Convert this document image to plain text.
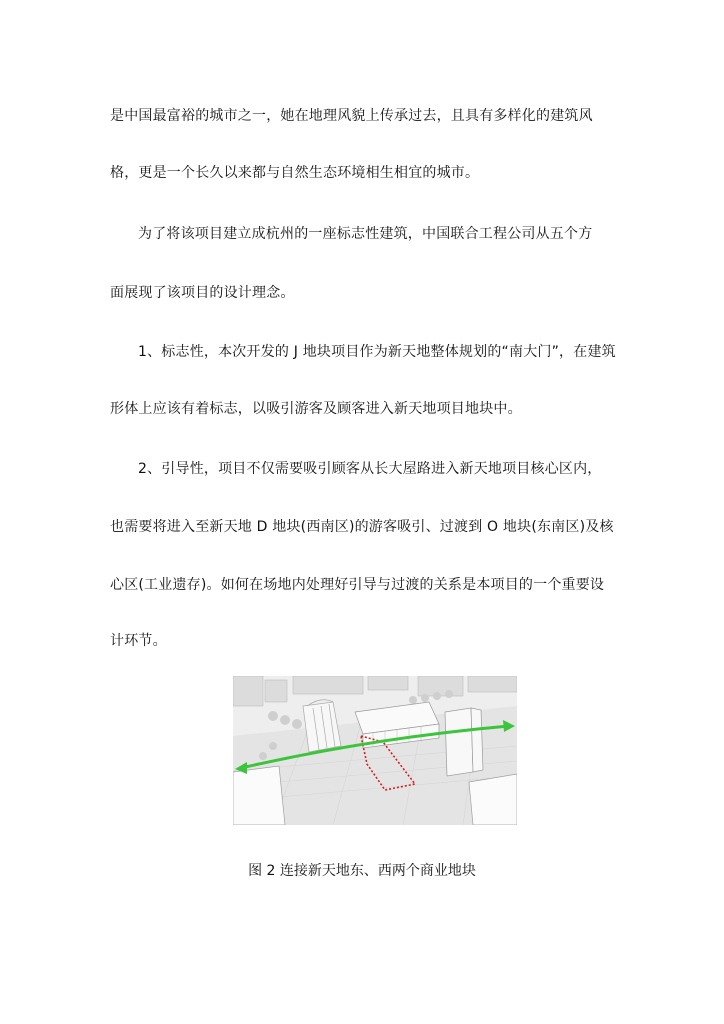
是中国最富裕的城市之一，她在地理风貌上传承过去，且具有多样化的建筑风
格，更是一个长久以来都与自然生态环境相生相宜的城市。
为了将该项目建立成杭州的一座标志性建筑，中国联合工程公司从五个方
面展现了该项目的设计理念。
1、标志性，本次开发的 J 地块项目作为新天地整体规划的“南大门”，在建筑
形体上应该有着标志，以吸引游客及顾客进入新天地项目地块中。
2、引导性，项目不仅需要吸引顾客从长大屋路进入新天地项目核心区内，
也需要将进入至新天地 D 地块(西南区)的游客吸引、过渡到 O 地块(东南区)及核
心区(工业遗存)。如何在场地内处理好引导与过渡的关系是本项目的一个重要设
计环节。
图 2 连接新天地东、西两个商业地块
